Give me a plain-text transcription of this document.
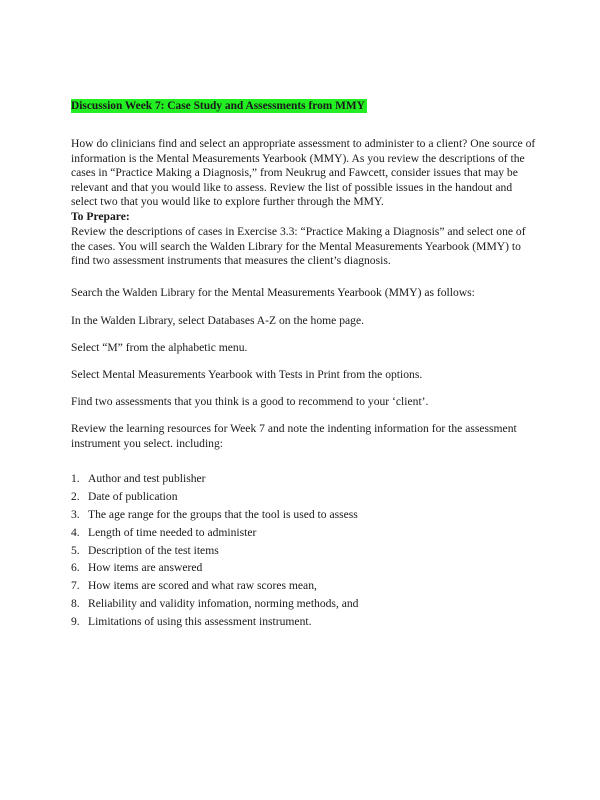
Discussion Week 7: Case Study and Assessments from MMY

How do clinicians find and select an appropriate assessment to administer to a client? One source of information is the Mental Measurements Yearbook (MMY). As you review the descriptions of the cases in “Practice Making a Diagnosis,” from Neukrug and Fawcett, consider issues that may be relevant and that you would like to assess. Review the list of possible issues in the handout and select two that you would like to explore further through the MMY.

To Prepare:

Review the descriptions of cases in Exercise 3.3: “Practice Making a Diagnosis” and select one of the cases. You will search the Walden Library for the Mental Measurements Yearbook (MMY) to find two assessment instruments that measures the client’s diagnosis.

Search the Walden Library for the Mental Measurements Yearbook (MMY) as follows:

In the Walden Library, select Databases A-Z on the home page.

Select “M” from the alphabetic menu.

Select Mental Measurements Yearbook with Tests in Print from the options.

Find two assessments that you think is a good to recommend to your ‘client’.

Review the learning resources for Week 7 and note the indenting information for the assessment instrument you select. including:

1. Author and test publisher
2. Date of publication
3. The age range for the groups that the tool is used to assess
4. Length of time needed to administer
5. Description of the test items
6. How items are answered
7. How items are scored and what raw scores mean,
8. Reliability and validity infomation, norming methods, and
9. Limitations of using this assessment instrument.
